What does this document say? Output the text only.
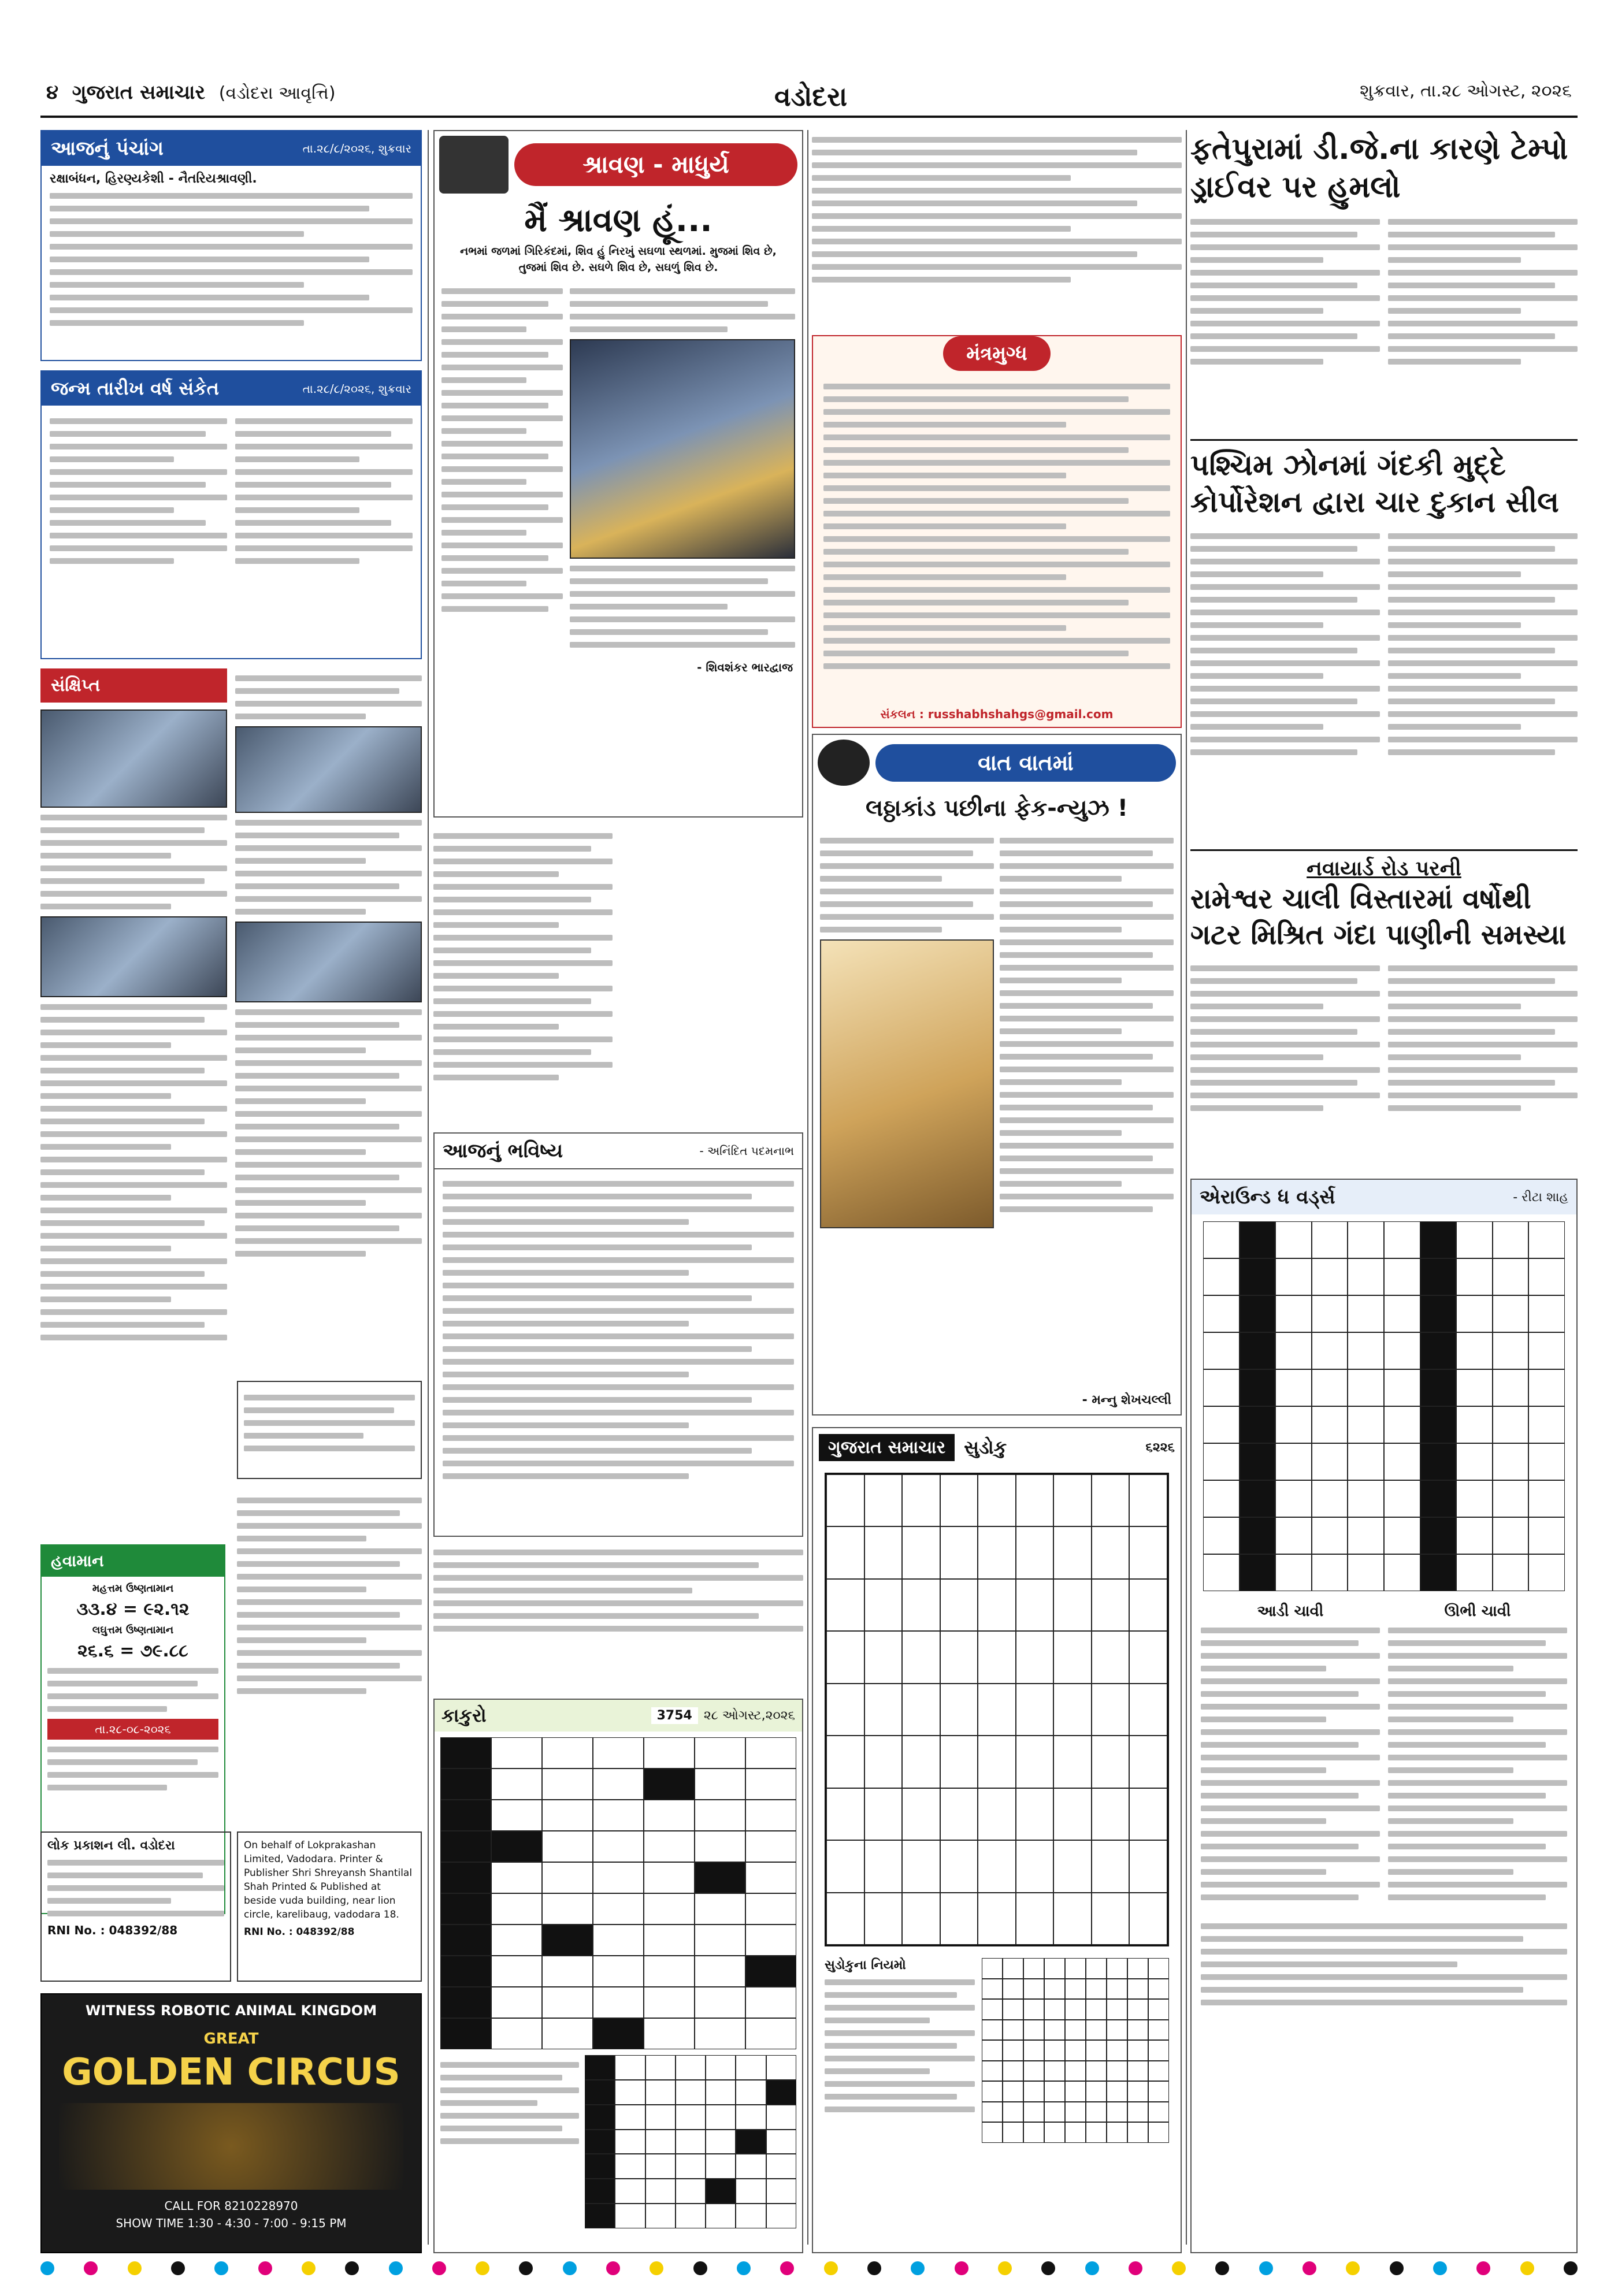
૪ ગુજરાત સમાચાર (વડોદરા આવૃત્તિ)	વડોદરા	શુક્રવાર, તા.૨૮ ઓગસ્ટ, ૨૦૨૬
આજનું પંચાંગ	તા.૨૮/૮/૨૦૨૬, શુક્રવાર
રક્ષાબંધન, હિરણ્યકેશી - નૈતરિયશ્રાવણી.
જન્મ તારીખ વર્ષ સંકેત	તા.૨૮/૮/૨૦૨૬, શુક્રવાર
સંક્ષિપ્ત
હવામાન
મહત્તમ ઉષ્ણતામાન
૩૩.૪ = ૯૨.૧૨
લઘુત્તમ ઉષ્ણતામાન
૨૬.૬ = ૭૯.૮૮
તા.૨૮-૦૮-૨૦૨૬
લોક પ્રકાશન લી. વડોદરા
RNI No. : 048392/88
On behalf of Lokprakashan Limited, Vadodara. Printer & Publisher Shri Shreyansh Shantilal Shah Printed & Published at beside vuda building, near lion circle, karelibaug, vadodara 18.
RNI No. : 048392/88
WITNESS ROBOTIC ANIMAL KINGDOM
GREAT
GOLDEN CIRCUS
CALL FOR 8210228970
SHOW TIME 1:30 - 4:30 - 7:00 - 9:15 PM
શ્રાવણ - માધુર્ય
મૈં શ્રાવણ હૂં...
નભમાં જળમાં ગિરિકંદમાં, શિવ હું નિરખું સઘળા સ્થળમાં. મુજમાં શિવ છે, તુજમાં શિવ છે. સઘળે શિવ છે, સઘળું શિવ છે.
- શિવશંકર ભારદ્વાજ
આજનું ભવિષ્ય	- અનિંદિત પદમનાભ
કાકુરો	3754 ૨૮ ઓગસ્ટ,૨૦૨૬
મંત્રમુગ્ધ
સંકલન : russhabhshahgs@gmail.com
વાત વાતમાં
લઠ્ઠાકાંડ પછીના ફેક-ન્યુઝ !
- મન્નુ શેખચલ્લી
ગુજરાત સમાચાર	સુડોકુ	૬૨૨૬
સુડોકુના નિયમો
ફતેપુરામાં ડી.જે.ના કારણે ટેમ્પો ડ્રાઈવર પર હુમલો
પશ્ચિમ ઝોનમાં ગંદકી મુદ્દે કોર્પોરેશન દ્વારા ચાર દુકાન સીલ
નવાયાર્ડ રોડ પરની
રામેશ્વર ચાલી વિસ્તારમાં વર્ષોથી ગટર મિશ્રિત ગંદા પાણીની સમસ્યા
એરાઉન્ડ ધ વર્ડ્સ	- રીટા શાહ
આડી ચાવી	ઊભી ચાવી
